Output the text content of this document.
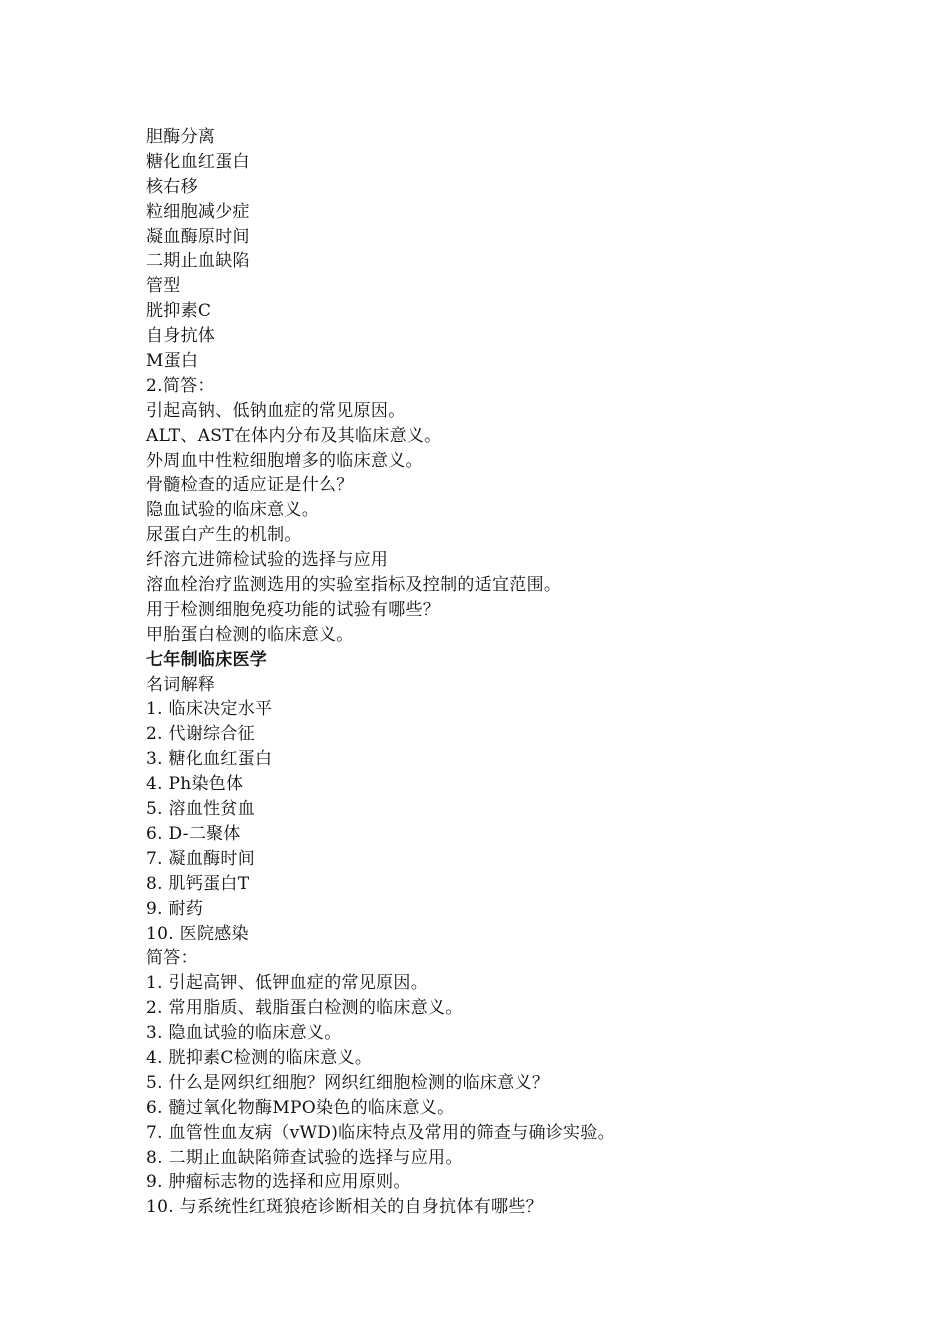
胆酶分离
糖化血红蛋白
核右移
粒细胞减少症
凝血酶原时间
二期止血缺陷
管型
胱抑素C
自身抗体
M蛋白
2.简答：
引起高钠、低钠血症的常见原因。
ALT、AST在体内分布及其临床意义。
外周血中性粒细胞增多的临床意义。
骨髓检查的适应证是什么？
隐血试验的临床意义。
尿蛋白产生的机制。
纤溶亢进筛检试验的选择与应用
溶血栓治疗监测选用的实验室指标及控制的适宜范围。
用于检测细胞免疫功能的试验有哪些？
甲胎蛋白检测的临床意义。
七年制临床医学
名词解释
1. 临床决定水平
2. 代谢综合征
3. 糖化血红蛋白
4. Ph染色体
5. 溶血性贫血
6. D-二聚体
7. 凝血酶时间
8. 肌钙蛋白T
9. 耐药
10. 医院感染
简答：
1. 引起高钾、低钾血症的常见原因。
2. 常用脂质、载脂蛋白检测的临床意义。
3. 隐血试验的临床意义。
4. 胱抑素C检测的临床意义。
5. 什么是网织红细胞？网织红细胞检测的临床意义？
6. 髓过氧化物酶MPO染色的临床意义。
7. 血管性血友病（vWD)临床特点及常用的筛查与确诊实验。
8. 二期止血缺陷筛查试验的选择与应用。
9. 肿瘤标志物的选择和应用原则。
10. 与系统性红斑狼疮诊断相关的自身抗体有哪些？
